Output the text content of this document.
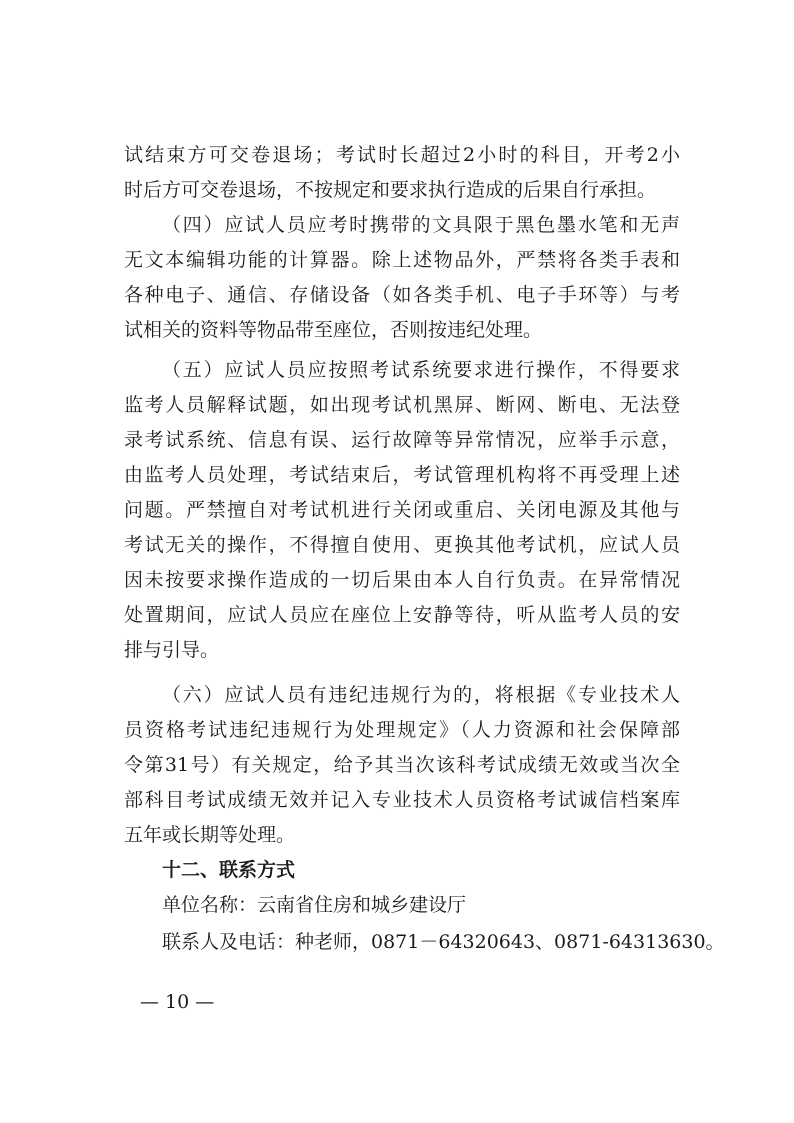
试结束方可交卷退场；考试时长超过2小时的科目，开考2小
时后方可交卷退场，不按规定和要求执行造成的后果自行承担。
（四）应试人员应考时携带的文具限于黑色墨水笔和无声
无文本编辑功能的计算器。除上述物品外，严禁将各类手表和
各种电子、通信、存储设备（如各类手机、电子手环等）与考
试相关的资料等物品带至座位，否则按违纪处理。
（五）应试人员应按照考试系统要求进行操作，不得要求
监考人员解释试题，如出现考试机黑屏、断网、断电、无法登
录考试系统、信息有误、运行故障等异常情况，应举手示意，
由监考人员处理，考试结束后，考试管理机构将不再受理上述
问题。严禁擅自对考试机进行关闭或重启、关闭电源及其他与
考试无关的操作，不得擅自使用、更换其他考试机，应试人员
因未按要求操作造成的一切后果由本人自行负责。在异常情况
处置期间，应试人员应在座位上安静等待，听从监考人员的安
排与引导。
（六）应试人员有违纪违规行为的，将根据《专业技术人
员资格考试违纪违规行为处理规定》（人力资源和社会保障部
令第31号）有关规定，给予其当次该科考试成绩无效或当次全
部科目考试成绩无效并记入专业技术人员资格考试诚信档案库
五年或长期等处理。
十二、联系方式
单位名称：云南省住房和城乡建设厅
联系人及电话：种老师，0871－64320643、0871-64313630。
— 10 —
